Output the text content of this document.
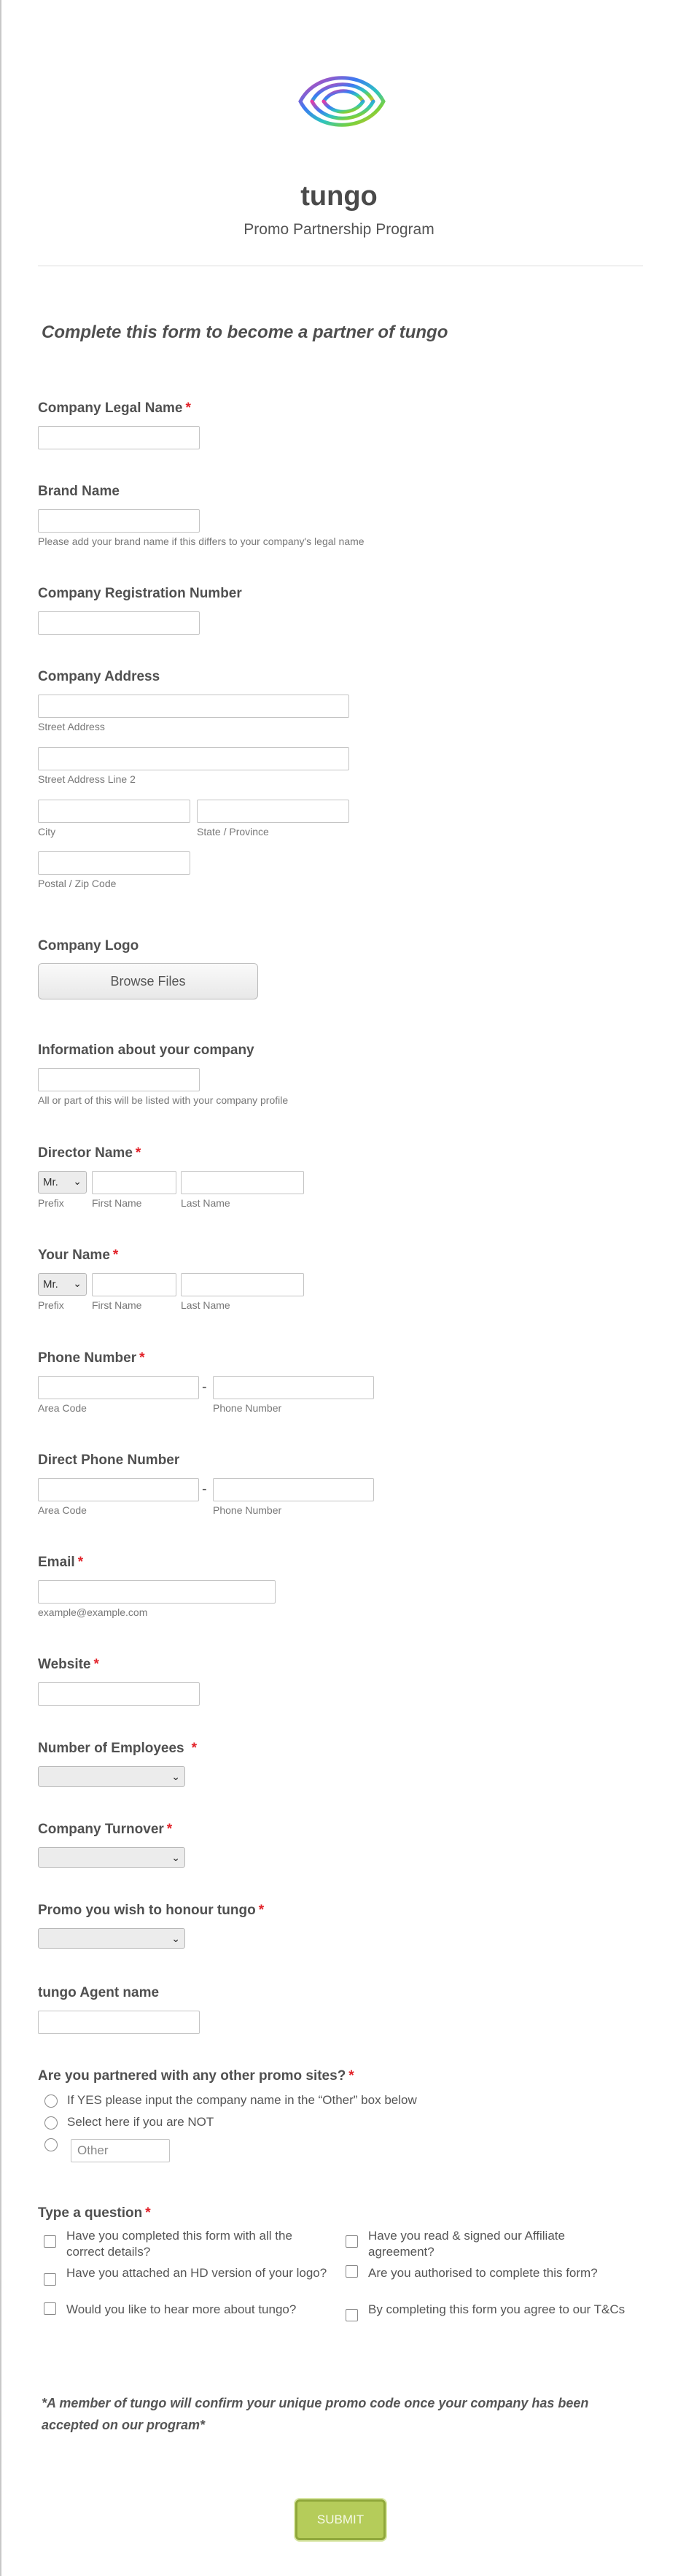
tungo
Promo Partnership Program
Complete this form to become a partner of tungo
Company Legal Name *
Brand Name
Please add your brand name if this differs to your company's legal name
Company Registration Number
Company Address
Street Address
Street Address Line 2
City	State / Province
Postal / Zip Code
Company Logo
Browse Files
Information about your company
All or part of this will be listed with your company profile
Director Name *
Mr. ⌄
Prefix	First Name	Last Name
Your Name *
Mr. ⌄
Prefix	First Name	Last Name
Phone Number *
-
Area Code	Phone Number
Direct Phone Number
-
Area Code	Phone Number
Email *
example@example.com
Website *
Number of Employees *
⌄
Company Turnover *
⌄
Promo you wish to honour tungo *
⌄
tungo Agent name
Are you partnered with any other promo sites? *
If YES please input the company name in the “Other” box below
Select here if you are NOT
Other
Type a question *
Have you completed this form with all the correct details?
Have you read & signed our Affiliate agreement?
Have you attached an HD version of your logo?	Are you authorised to complete this form?
Would you like to hear more about tungo?	By completing this form you agree to our T&Cs
*A member of tungo will confirm your unique promo code once your company has been accepted on our program*
SUBMIT
